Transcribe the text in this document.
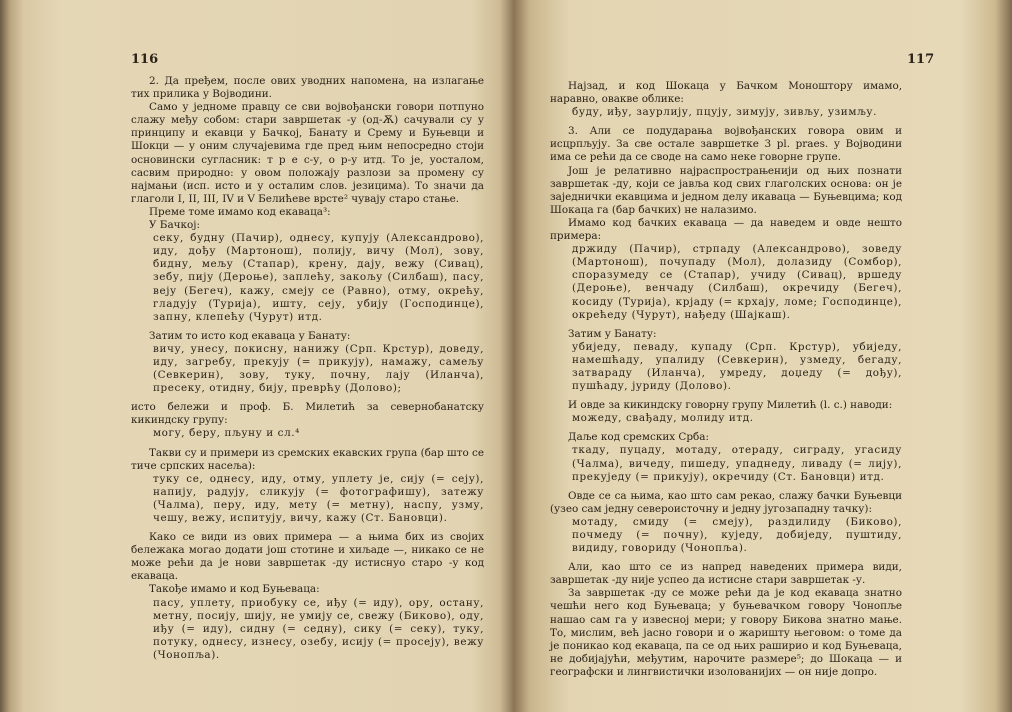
116

2. Да пређем, после ових уводних напомена, на излагање тих прилика у Војводини.

Само у једноме правцу се сви војвођански говори потпуно слажу међу собом: стари завршетак -у (од-Ѫ) сачували су у принципу и екавци у Бачкој, Банату и Срему и Буњевци и Шокци — у оним случајевима где пред њим непосредно стоји основински сугласник: т р е с-у, о р-у итд. То је, уосталом, сасвим природно: у овом положају разлози за промену су најмањи (исп. исто и у осталим слов. језицима). То значи да глаголи I, II, III, IV и V Белићеве врсте² чувају старо стање.

Преме томе имамо код екаваца³:

У Бачкој:

секу, будну (Пачир), однесу, купују (Александрово), иду, дођу (Мартонош), полију, вичу (Мол), зову, бидну, мељу (Стапар), крену, дају, вежу (Сивац), зебу, пију (Дероње), заплећу, закољу (Силбаш), пасу, веју (Бегеч), кажу, смеју се (Равно), отму, окрећу, гладују (Турија), ишту, сеју, убију (Господинце), запну, клепећу (Чурут) итд.

Затим то исто код екаваца у Банату:

вичу, унесу, покисну, нанижу (Срп. Крстур), доведу, иду, загребу, прекују (= прикују), намажу, самељу (Севкерин), зову, туку, почну, лају (Иланча), пресеку, отидну, бију, преврћу (Долово);

исто бележи и проф. Б. Милетић за севернобанатску кикиндску групу:

могу, беру, пљуну и сл.⁴

Такви су и примери из сремских екавских група (бар што се тиче српских насеља):

туку се, однесу, иду, отму, уплету је, сију (= сеју), напију, радују, сликују (= фотографишу), затежу (Чалма), перу, иду, мету (= метну), наспу, узму, чешу, вежу, испитују, вичу, кажу (Ст. Бановци).

Како се види из ових примера — а њима бих из својих бележака могао додати још стотине и хиљаде —, никако се не може рећи да је нови завршетак -ду истиснуо старо -у код екаваца.

Такође имамо и код Буњеваца:

пасу, уплету, приобуку се, иђу (= иду), ору, остану, метну, посију, шију, не умију се, свежу (Биково), оду, иђу (= иду), сидну (= седну), сику (= секу), туку, потуку, однесу, изнесу, озебу, исију (= просеју), вежу (Чонопља).

117

Најзад, и код Шокаца у Бачком Моноштору имамо, наравно, овакве облике:

буду, иђу, заурлију, пцују, зимују, зивљу, узимљу.

3. Али се подударања војвођанских говора овим и исцрпљују. За све остале завршетке 3 pl. praes. у Војводини има се рећи да се своде на само неке говорне групе.

Још је релативно најраспрострањенији од њих познати завршетак -ду, који се јавља код свих глаголских основа: он је заједнички екавцима и једном делу икаваца — Буњевцима; код Шокаца га (бар бачких) не налазимо.

Имамо код бачких екаваца — да наведем и овде нешто примера:

држиду (Пачир), стрпаду (Александрово), зоведу (Мартонош), почупаду (Мол), долазиду (Сомбор), споразумеду се (Стапар), учиду (Сивац), вршеду (Дероње), венчаду (Силбаш), окречиду (Бегеч), косиду (Турија), крјаду (= крхају, ломе; Господинце), окрећеду (Чурут), нађеду (Шајкаш).

Затим у Банату:

убиједу, певаду, купаду (Срп. Крстур), убиједу, намешћаду, упалиду (Севкерин), узмеду, бегаду, затвараду (Иланча), умреду, доџеду (= дођу), пушћаду, јуриду (Долово).

И овде за кикиндску говорну групу Милетић (l. c.) наводи:

можеду, свађаду, молиду итд.

Даље код сремских Срба:

ткаду, пуцаду, мотаду, отераду, сиграду, угасиду (Чалма), вичеду, пишеду, упаднеду, ливаду (= лију), прекуједу (= прикују), окречиду (Ст. Бановци) итд.

Овде се са њима, као што сам рекао, слажу бачки Буњевци (узео сам једну североисточну и једну југозападну тачку):

мотаду, смиду (= смеју), раздилиду (Биково), почмеду (= почну), куједу, добиједу, пуштиду, видиду, говориду (Чонопља).

Али, као што се из напред наведених примера види, завршетак -ду није успео да истисне стари завршетак -у.

За завршетак -ду се може рећи да је код екаваца знатно чешћи него код Буњеваца; у буњевачком говору Чонопље нашао сам га у извесној мери; у говору Бикова знатно мање. То, мислим, већ јасно говори и о жаришту његовом: о томе да је поникао код екаваца, па се од њих раширио и код Буњеваца, не добијајући, међутим, нарочите размере⁵; до Шокаца — и географски и лингвистички изолованијих — он није допро.
